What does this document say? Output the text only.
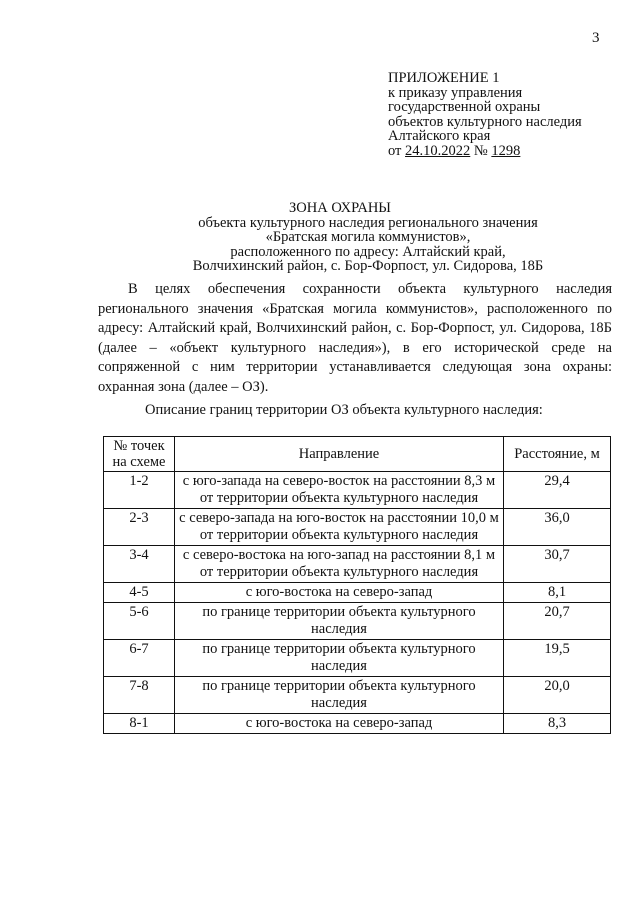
3
ПРИЛОЖЕНИЕ 1
к приказу управления
государственной охраны
объектов культурного наследия
Алтайского края
от 24.10.2022 № 1298
ЗОНА ОХРАНЫ
объекта культурного наследия регионального значения
«Братская могила коммунистов»,
расположенного по адресу: Алтайский край,
Волчихинский район, с. Бор-Форпост, ул. Сидорова, 18Б

В целях обеспечения сохранности объекта культурного наследия регионального значения «Братская могила коммунистов», расположенного по адресу: Алтайский край, Волчихинский район, с. Бор-Форпост, ул. Сидорова, 18Б (далее – «объект культурного наследия»), в его исторической среде на сопряженной с ним территории устанавливается следующая зона охраны: охранная зона (далее – ОЗ).

Описание границ территории ОЗ объекта культурного наследия:
№ точек на схеме	Направление	Расстояние, м
1-2	с юго-запада на северо-восток на расстоянии 8,3 м от территории объекта культурного наследия	29,4
2-3	с северо-запада на юго-восток на расстоянии 10,0 м от территории объекта культурного наследия	36,0
3-4	с северо-востока на юго-запад на расстоянии 8,1 м от территории объекта культурного наследия	30,7
4-5	с юго-востока на северо-запад	8,1
5-6	по границе территории объекта культурного наследия	20,7
6-7	по границе территории объекта культурного наследия	19,5
7-8	по границе территории объекта культурного наследия	20,0
8-1	с юго-востока на северо-запад	8,3
